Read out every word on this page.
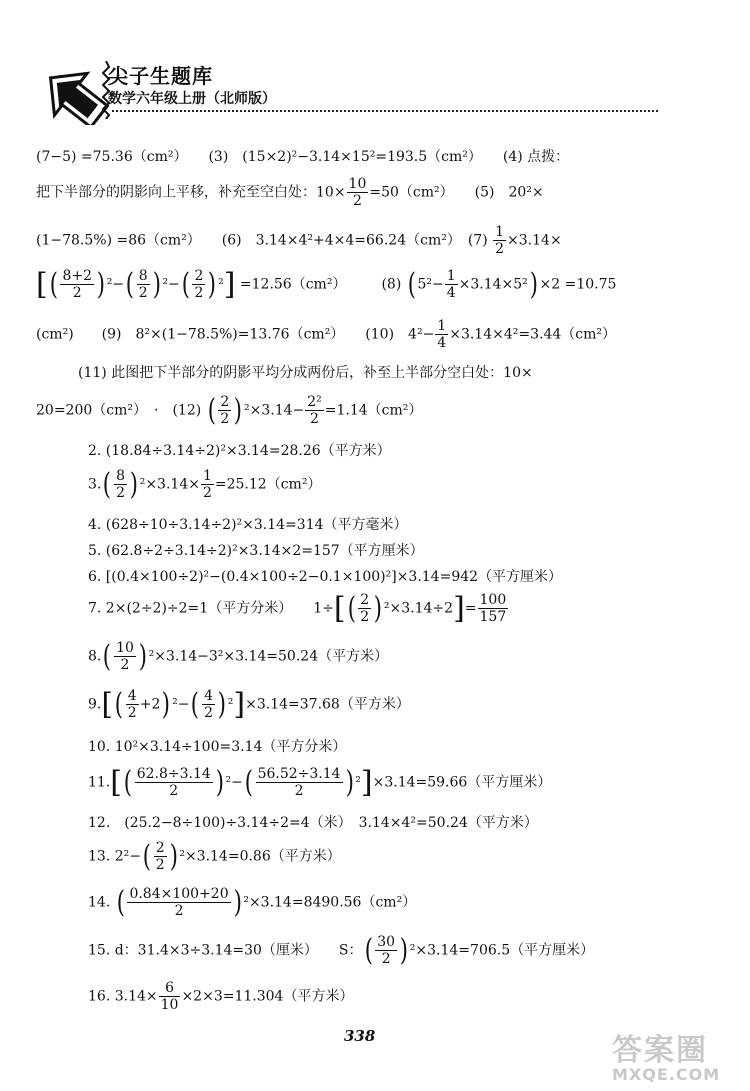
尖子生题库
数学六年级上册（北师版）
(7−5) =75.36（cm²）　　(3)　(15×2)²−3.14×15²=193.5（cm²）　　(4) 点拨：
把下半部分的阴影向上平移，补充至空白处：$10\times \frac{10}{2} =50(cm^2)$　　(5)　20²×
(1−78.5%) =86（cm²）　　(6)　3.14×4²+4×4=66.24（cm²）　$(7) \frac{1}{2} \times 3.14\times$
[( $\frac{8+2}{2}$ ) $^2-( \frac{8}{2}$ ) $^2-( \frac{2}{2}$ ) ²] =12.56（cm²）　　　(8) ( $5^2- \frac{1}{4} \times 3.14\times 5^2) \times 2 =10.75$
(cm²)　　(9)　8²×(1−78.5%)=13.76（cm²）　　(10)　$4^2- \frac{1}{4} \times 3.14\times 4^2=3.44(cm^2)$
(11) 此图把下半部分的阴影平均分成两份后，补至上半部分空白处：10×
20=200（cm²）　·　(12) ( $\frac{2}{2}$ ) $^2\times 3.14- \frac{\text{2²}}{2} =1.14(cm^2)$
2. (18.84÷3.14÷2)²×3.14=28.26（平方米）
$3.( \frac{8}{2}$ ) $^2\times 3.14\times \frac{1}{2} =25.12(cm^2)$
4. (628÷10÷3.14÷2)²×3.14=314（平方毫米）
5. (62.8÷2÷3.14÷2)²×3.14×2=157（平方厘米）
6. [(0.4×100÷2)²−(0.4×100÷2−0.1×100)²]×3.14=942（平方厘米）
7. 2×(2÷2)÷2=1（平方分米）　　$1\div[( \frac{2}{2}$ ) $^2\times 3.14\div 2]= \frac{100}{157}$
$8.( \frac{10}{2}$ ) ²×3.14−3²×3.14=50.24（平方米）
$9.[( \frac{4}{2} +2)$ $^2-( \frac{4}{2}$ ) ²]×3.14=37.68（平方米）
10. 10²×3.14÷100=3.14（平方分米）
$11.[( \frac{62.8\div 3.14}{2}$ ) $^2-( \frac{56.52\div 3.14}{2}$ ) ²]×3.14=59.66（平方厘米）
12.　(25.2−8÷100)÷3.14÷2=4（米）　3.14×4²=50.24（平方米）
13. $2^2-( \frac{2}{2}$ ) ²×3.14=0.86（平方米）
14. ( $\frac{0.84\times 100+20}{2}$ ) ²×3.14=8490.56（cm²）
15. d：31.4×3÷3.14=30（厘米）　　S：( $\frac{30}{2}$ ) ²×3.14=706.5（平方厘米）
16. $3.14\times \frac{6}{10} \times 2\times 3=11.304$（平方米）
338	答案圈
MXQE.COM
